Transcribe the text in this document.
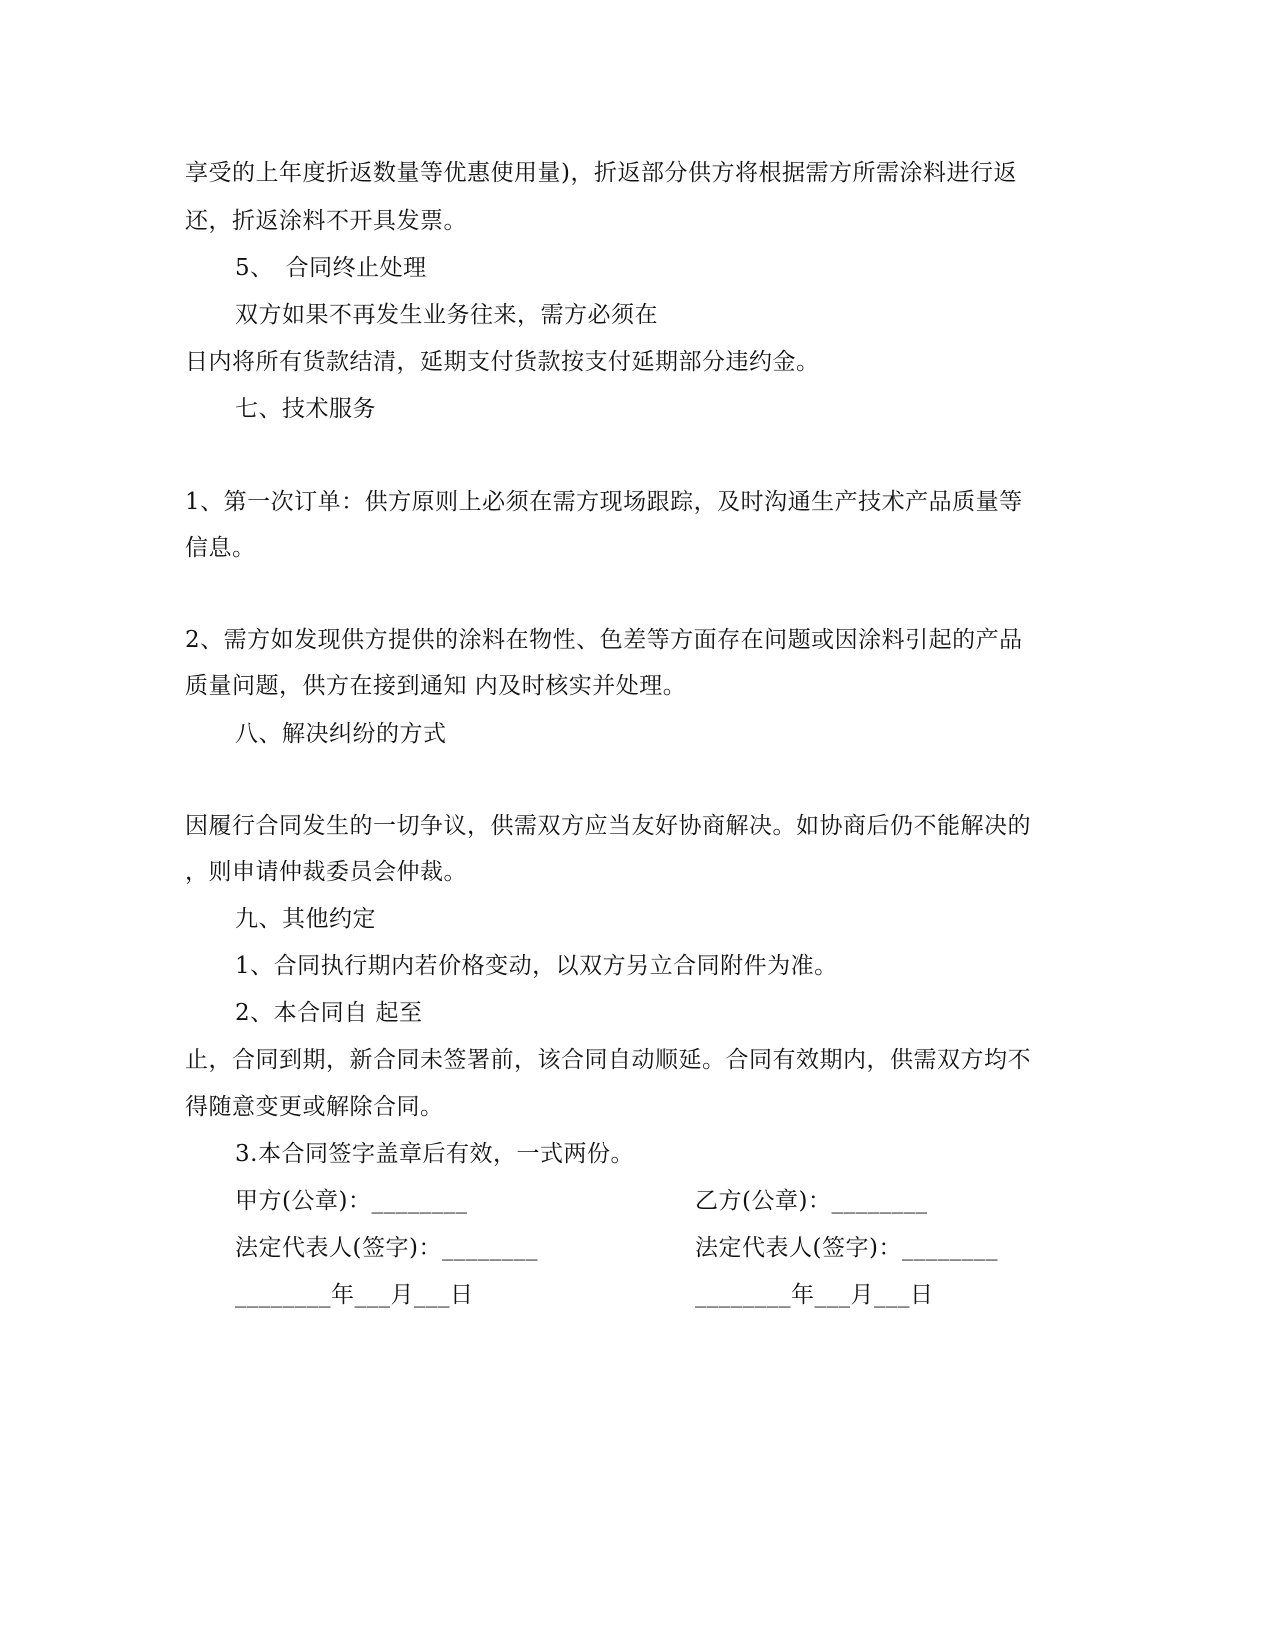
享受的上年度折返数量等优惠使用量)，折返部分供方将根据需方所需涂料进行返
还，折返涂料不开具发票。
5、　合同终止处理
双方如果不再发生业务往来，需方必须在
日内将所有货款结清，延期支付货款按支付延期部分违约金。
七、技术服务
1、第一次订单：供方原则上必须在需方现场跟踪，及时沟通生产技术产品质量等
信息。
2、需方如发现供方提供的涂料在物性、色差等方面存在问题或因涂料引起的产品
质量问题，供方在接到通知 内及时核实并处理。
八、解决纠纷的方式
因履行合同发生的一切争议，供需双方应当友好协商解决。如协商后仍不能解决的
，则申请仲裁委员会仲裁。
九、其他约定
1、合同执行期内若价格变动，以双方另立合同附件为准。
2、本合同自 起至
止，合同到期，新合同未签署前，该合同自动顺延。合同有效期内，供需双方均不
得随意变更或解除合同。
3.本合同签字盖章后有效，一式两份。
甲方(公章)：________	乙方(公章)：________
法定代表人(签字)：________	法定代表人(签字)：________
________年___月___日	________年___月___日
